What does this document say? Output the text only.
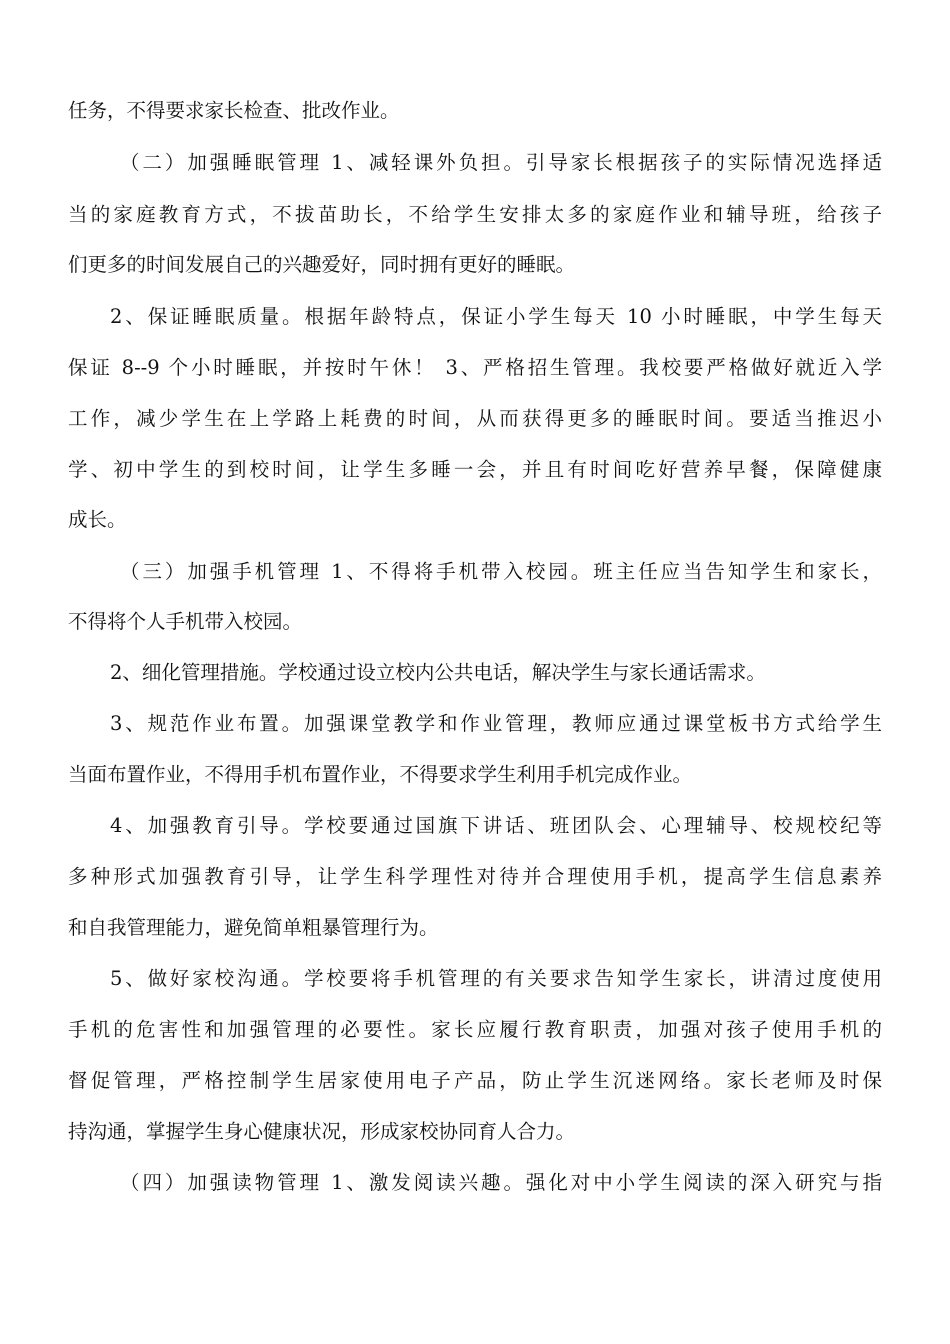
任务，不得要求家长检查、批改作业。

（二）加强睡眠管理 1、减轻课外负担。引导家长根据孩子的实际情况选择适

当的家庭教育方式，不拔苗助长，不给学生安排太多的家庭作业和辅导班，给孩子

们更多的时间发展自己的兴趣爱好，同时拥有更好的睡眠。

2、保证睡眠质量。根据年龄特点，保证小学生每天 10 小时睡眠，中学生每天

保证 8--9 个小时睡眠，并按时午休！ 3、严格招生管理。我校要严格做好就近入学

工作，减少学生在上学路上耗费的时间，从而获得更多的睡眠时间。要适当推迟小

学、初中学生的到校时间，让学生多睡一会，并且有时间吃好营养早餐，保障健康

成长。

（三）加强手机管理 1、不得将手机带入校园。班主任应当告知学生和家长，

不得将个人手机带入校园。

2、细化管理措施。学校通过设立校内公共电话，解决学生与家长通话需求。

3、规范作业布置。加强课堂教学和作业管理，教师应通过课堂板书方式给学生

当面布置作业，不得用手机布置作业，不得要求学生利用手机完成作业。

4、加强教育引导。学校要通过国旗下讲话、班团队会、心理辅导、校规校纪等

多种形式加强教育引导，让学生科学理性对待并合理使用手机，提高学生信息素养

和自我管理能力，避免简单粗暴管理行为。

5、做好家校沟通。学校要将手机管理的有关要求告知学生家长，讲清过度使用

手机的危害性和加强管理的必要性。家长应履行教育职责，加强对孩子使用手机的

督促管理，严格控制学生居家使用电子产品，防止学生沉迷网络。家长老师及时保

持沟通，掌握学生身心健康状况，形成家校协同育人合力。

（四）加强读物管理 1、激发阅读兴趣。强化对中小学生阅读的深入研究与指
